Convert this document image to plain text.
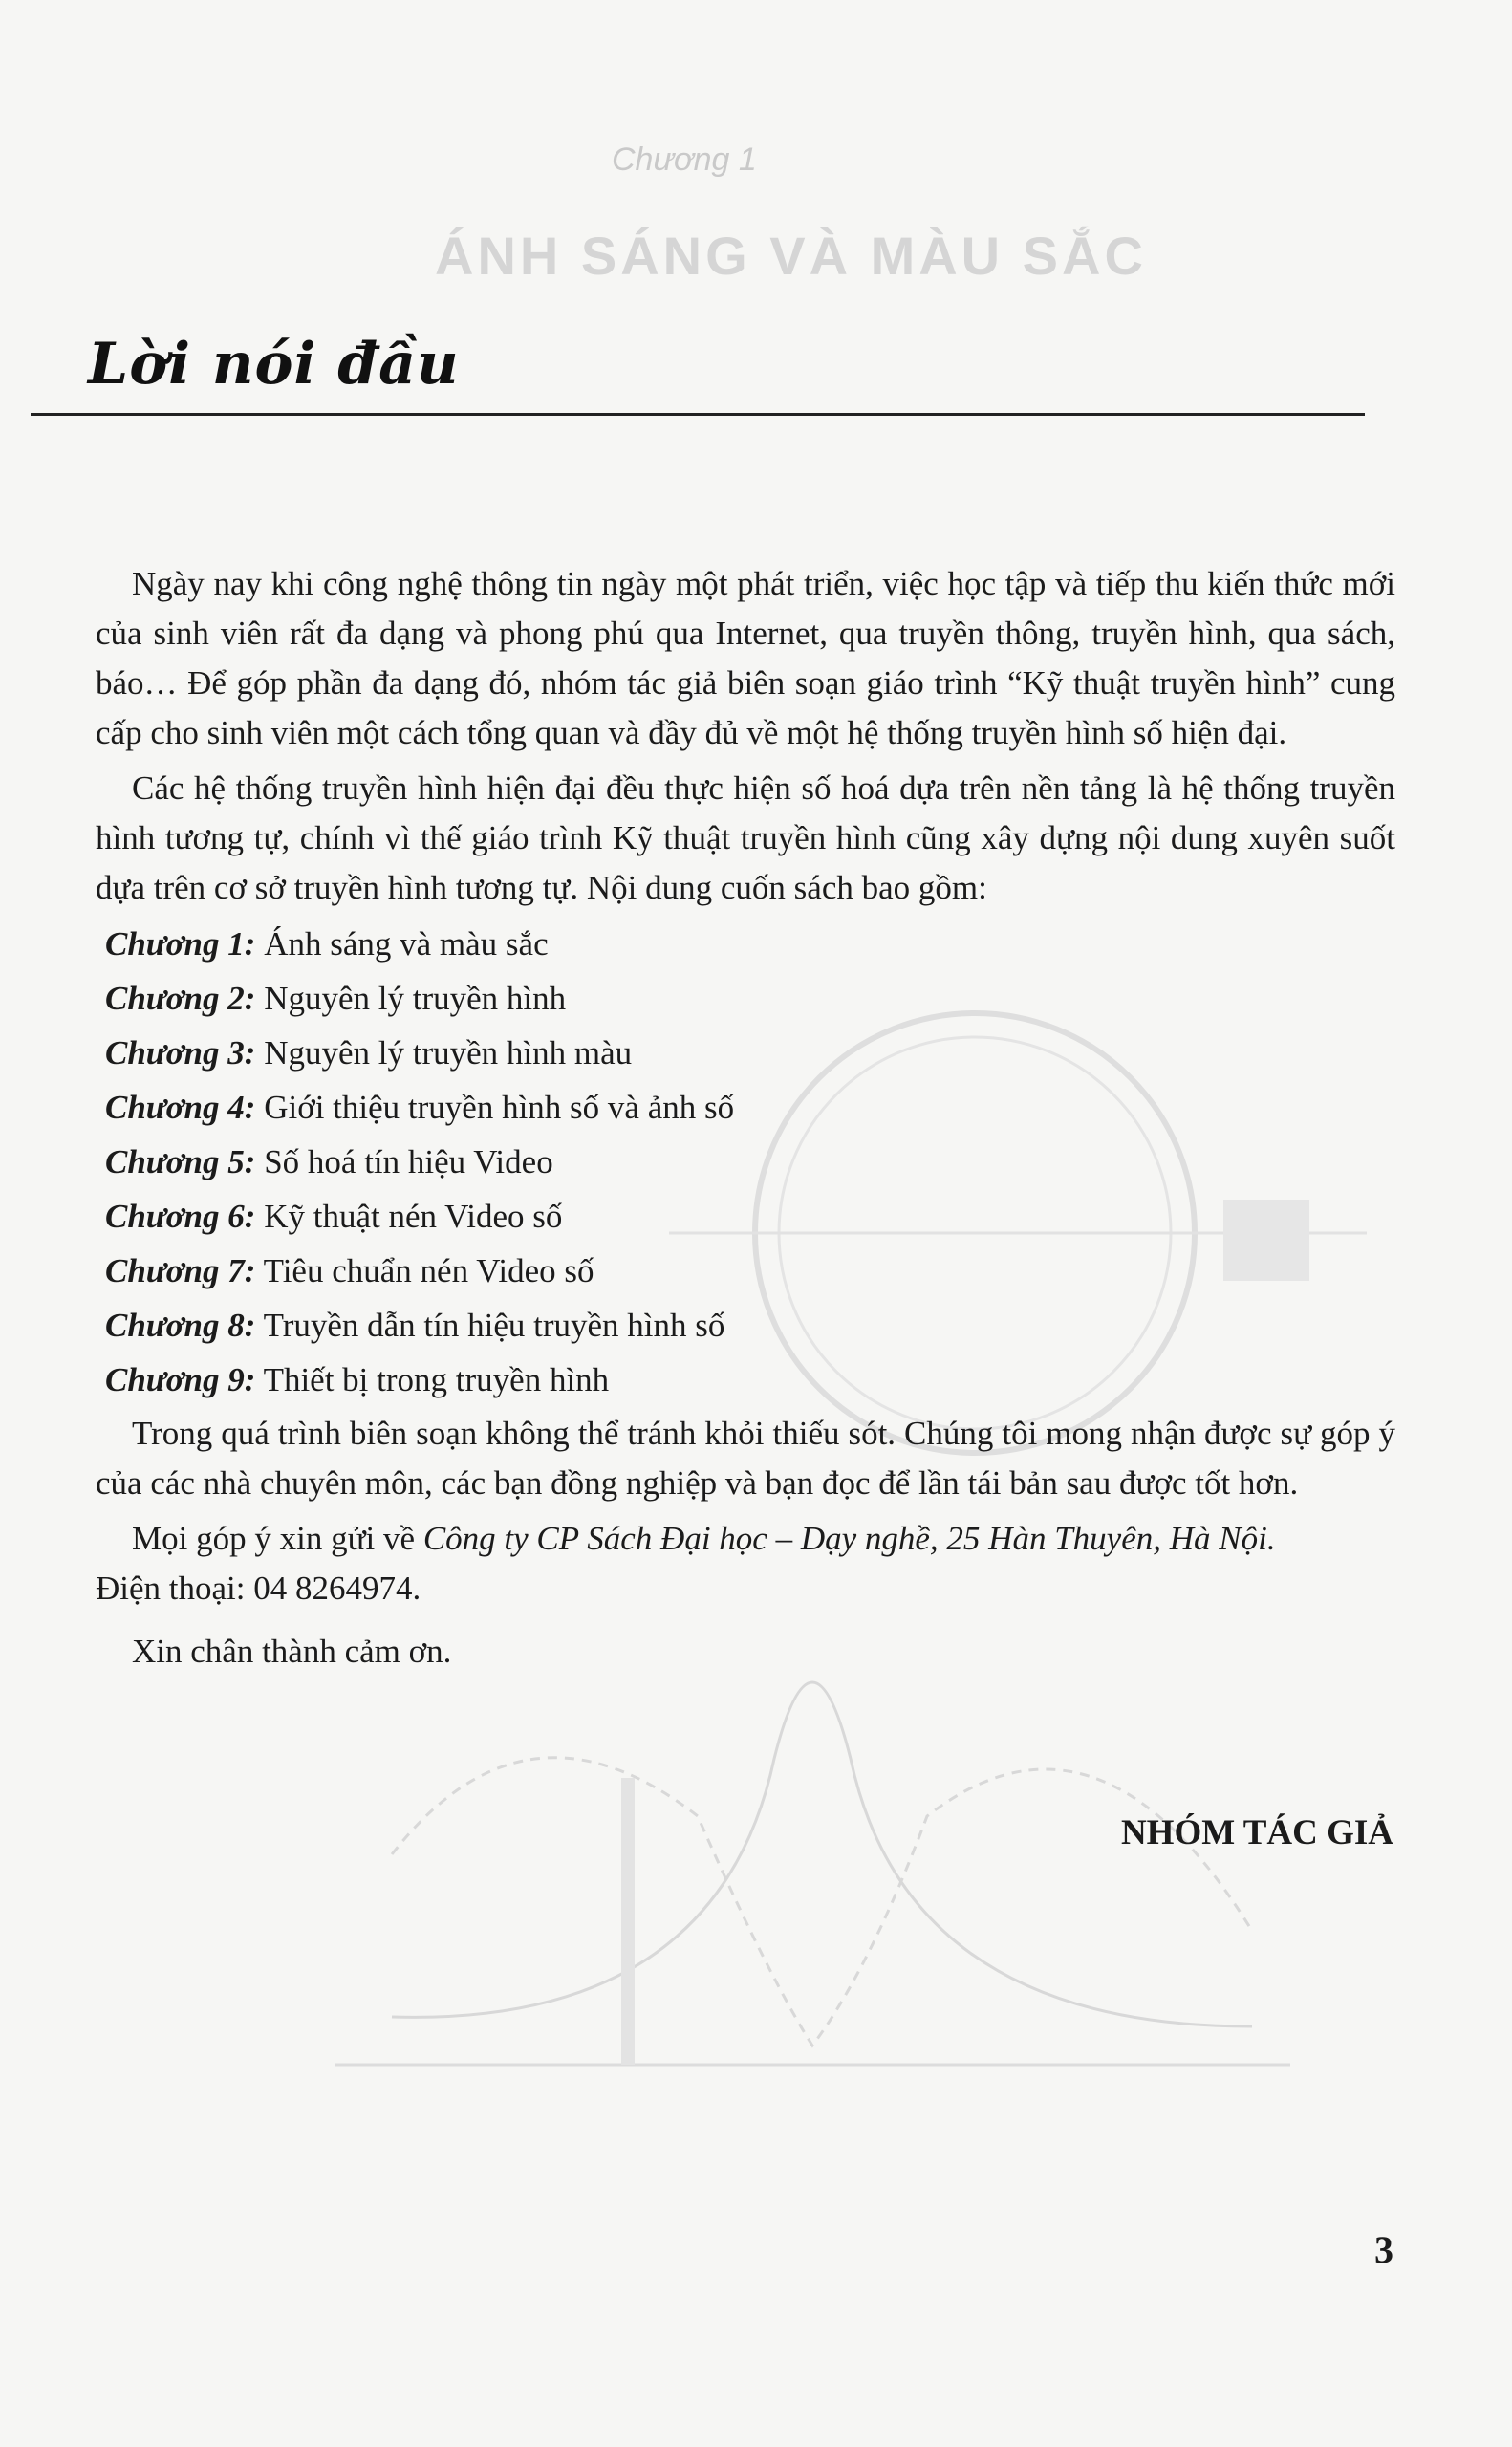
Chương 1
ÁNH SÁNG VÀ MÀU SẮC
Lời nói đầu

Ngày nay khi công nghệ thông tin ngày một phát triển, việc học tập và tiếp thu kiến thức mới của sinh viên rất đa dạng và phong phú qua Internet, qua truyền thông, truyền hình, qua sách, báo… Để góp phần đa dạng đó, nhóm tác giả biên soạn giáo trình “Kỹ thuật truyền hình” cung cấp cho sinh viên một cách tổng quan và đầy đủ về một hệ thống truyền hình số hiện đại.

Các hệ thống truyền hình hiện đại đều thực hiện số hoá dựa trên nền tảng là hệ thống truyền hình tương tự, chính vì thế giáo trình Kỹ thuật truyền hình cũng xây dựng nội dung xuyên suốt dựa trên cơ sở truyền hình tương tự. Nội dung cuốn sách bao gồm:

Chương 1: Ánh sáng và màu sắc
Chương 2: Nguyên lý truyền hình
Chương 3: Nguyên lý truyền hình màu
Chương 4: Giới thiệu truyền hình số và ảnh số
Chương 5: Số hoá tín hiệu Video
Chương 6: Kỹ thuật nén Video số
Chương 7: Tiêu chuẩn nén Video số
Chương 8: Truyền dẫn tín hiệu truyền hình số
Chương 9: Thiết bị trong truyền hình

Trong quá trình biên soạn không thể tránh khỏi thiếu sót. Chúng tôi mong nhận được sự góp ý của các nhà chuyên môn, các bạn đồng nghiệp và bạn đọc để lần tái bản sau được tốt hơn.

Mọi góp ý xin gửi về Công ty CP Sách Đại học – Dạy nghề, 25 Hàn Thuyên, Hà Nội.

Điện thoại: 04 8264974.

Xin chân thành cảm ơn.

NHÓM TÁC GIẢ
3
